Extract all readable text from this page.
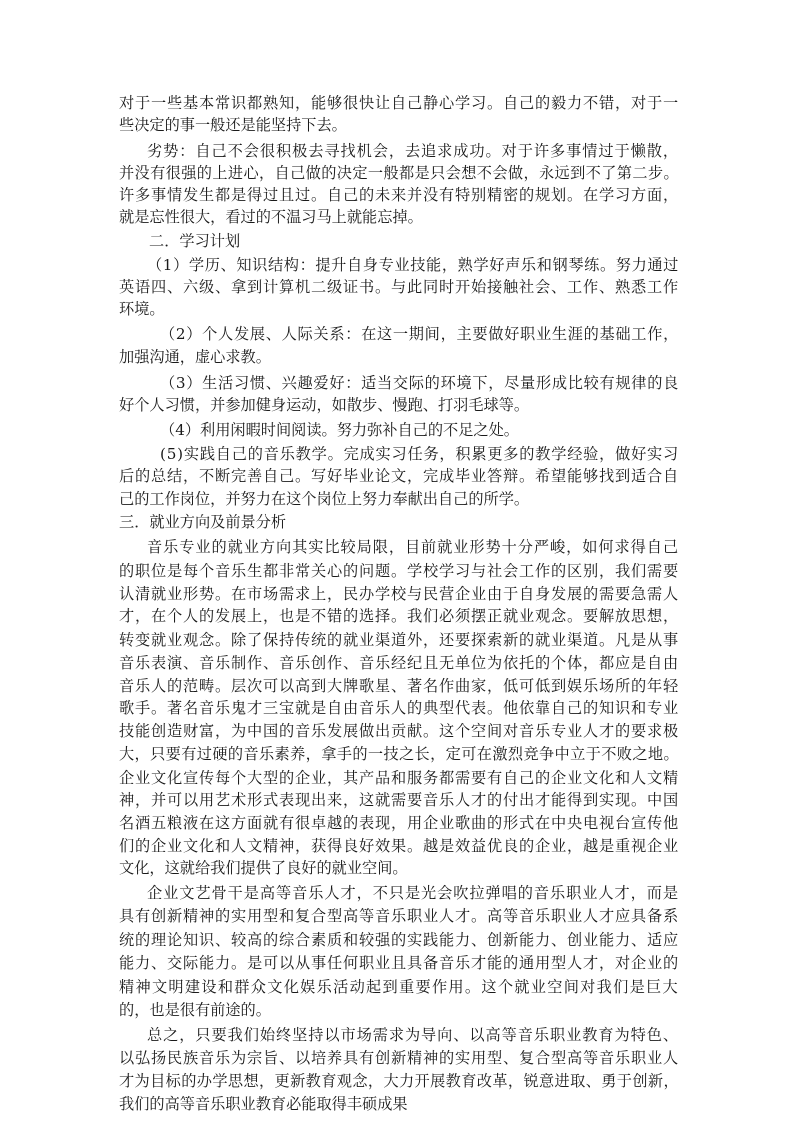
对于一些基本常识都熟知，能够很快让自己静心学习。自己的毅力不错，对于一
些决定的事一般还是能坚持下去。
劣势：自己不会很积极去寻找机会，去追求成功。对于许多事情过于懒散，
并没有很强的上进心，自己做的决定一般都是只会想不会做，永远到不了第二步。
许多事情发生都是得过且过。自己的未来并没有特别精密的规划。在学习方面，
就是忘性很大，看过的不温习马上就能忘掉。
二．学习计划
（1）学历、知识结构：提升自身专业技能，熟学好声乐和钢琴练。努力通过
英语四、六级、拿到计算机二级证书。与此同时开始接触社会、工作、熟悉工作
环境。
（2）个人发展、人际关系：在这一期间，主要做好职业生涯的基础工作，
加强沟通，虚心求教。
（3）生活习惯、兴趣爱好：适当交际的环境下，尽量形成比较有规律的良
好个人习惯，并参加健身运动，如散步、慢跑、打羽毛球等。
（4）利用闲暇时间阅读。努力弥补自己的不足之处。
(5)实践自己的音乐教学。完成实习任务，积累更多的教学经验，做好实习
后的总结，不断完善自己。写好毕业论文，完成毕业答辩。希望能够找到适合自
己的工作岗位，并努力在这个岗位上努力奉献出自己的所学。
三．就业方向及前景分析
音乐专业的就业方向其实比较局限，目前就业形势十分严峻，如何求得自己
的职位是每个音乐生都非常关心的问题。学校学习与社会工作的区别，我们需要
认清就业形势。在市场需求上，民办学校与民营企业由于自身发展的需要急需人
才，在个人的发展上，也是不错的选择。我们必须摆正就业观念。要解放思想，
转变就业观念。除了保持传统的就业渠道外，还要探索新的就业渠道。凡是从事
音乐表演、音乐制作、音乐创作、音乐经纪且无单位为依托的个体，都应是自由
音乐人的范畴。层次可以高到大牌歌星、著名作曲家，低可低到娱乐场所的年轻
歌手。著名音乐鬼才三宝就是自由音乐人的典型代表。他依靠自己的知识和专业
技能创造财富，为中国的音乐发展做出贡献。这个空间对音乐专业人才的要求极
大，只要有过硬的音乐素养，拿手的一技之长，定可在激烈竞争中立于不败之地。
企业文化宣传每个大型的企业，其产品和服务都需要有自己的企业文化和人文精
神，并可以用艺术形式表现出来，这就需要音乐人才的付出才能得到实现。中国
名酒五粮液在这方面就有很卓越的表现，用企业歌曲的形式在中央电视台宣传他
们的企业文化和人文精神，获得良好效果。越是效益优良的企业，越是重视企业
文化，这就给我们提供了良好的就业空间。
企业文艺骨干是高等音乐人才，不只是光会吹拉弹唱的音乐职业人才，而是
具有创新精神的实用型和复合型高等音乐职业人才。高等音乐职业人才应具备系
统的理论知识、较高的综合素质和较强的实践能力、创新能力、创业能力、适应
能力、交际能力。是可以从事任何职业且具备音乐才能的通用型人才，对企业的
精神文明建设和群众文化娱乐活动起到重要作用。这个就业空间对我们是巨大
的，也是很有前途的。
总之，只要我们始终坚持以市场需求为导向、以高等音乐职业教育为特色、
以弘扬民族音乐为宗旨、以培养具有创新精神的实用型、复合型高等音乐职业人
才为目标的办学思想，更新教育观念，大力开展教育改革，锐意进取、勇于创新，
我们的高等音乐职业教育必能取得丰硕成果
